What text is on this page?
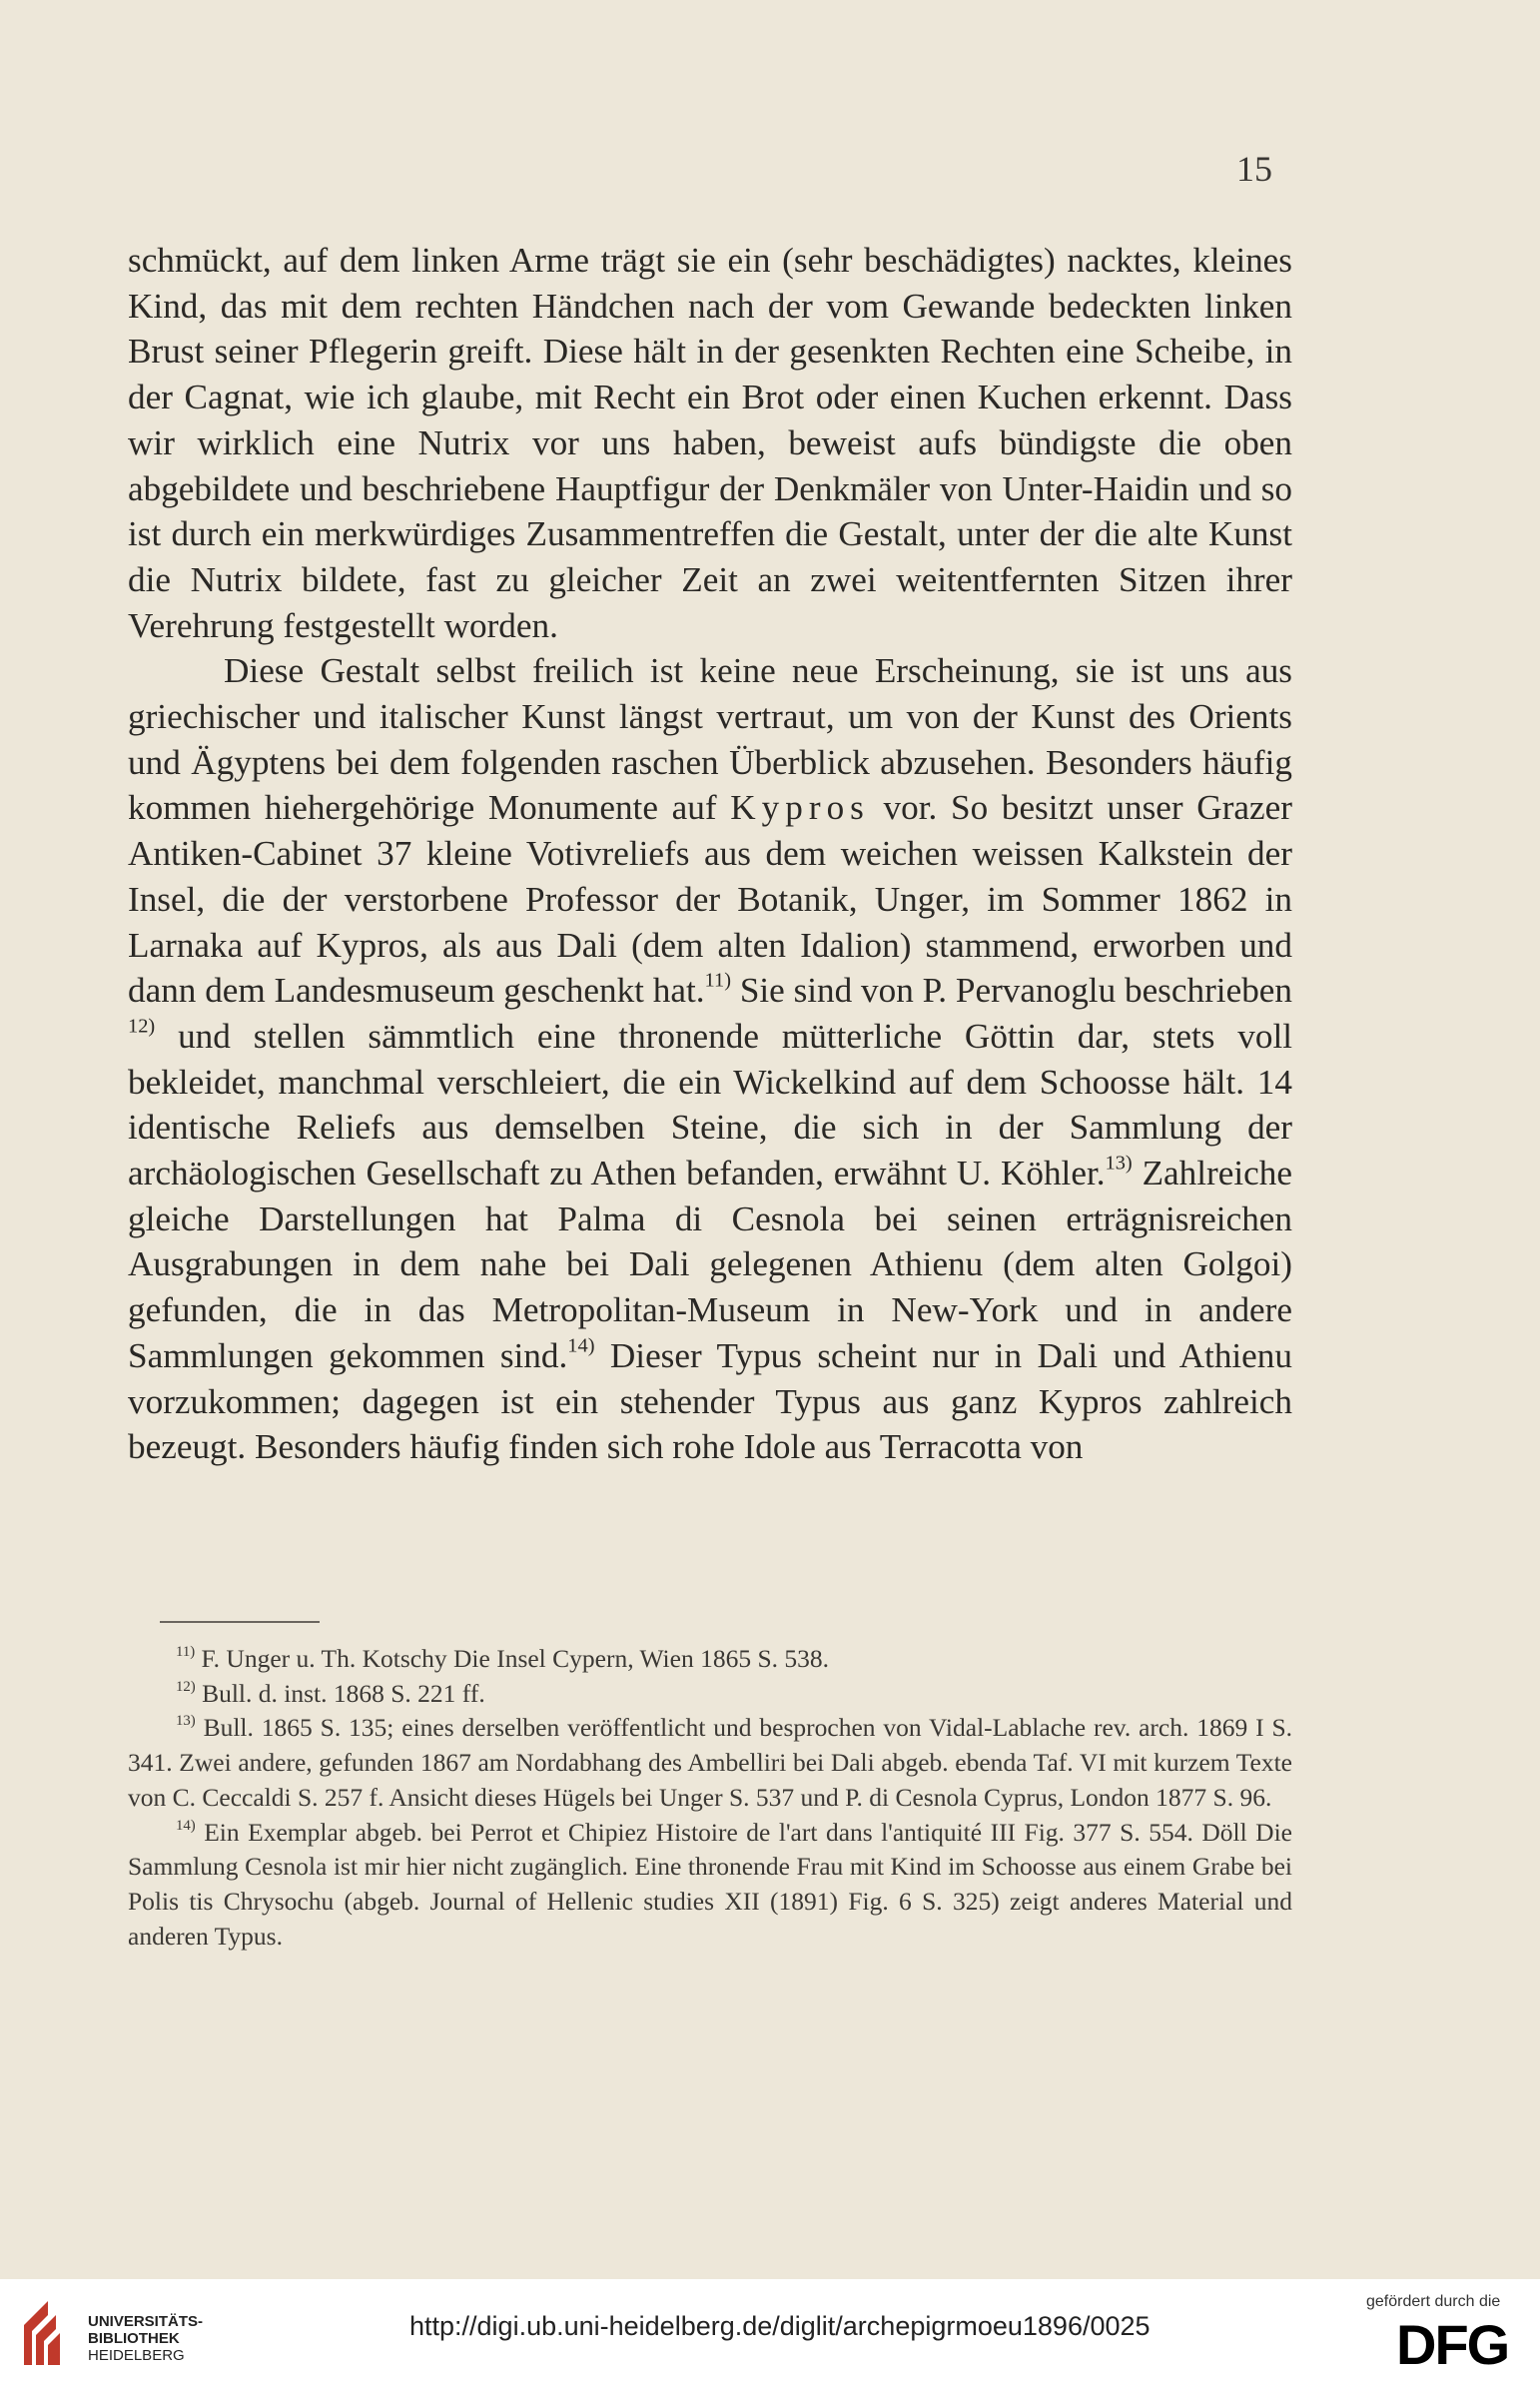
15

schmückt, auf dem linken Arme trägt sie ein (sehr beschädigtes) nacktes, kleines Kind, das mit dem rechten Händchen nach der vom Gewande bedeckten linken Brust seiner Pflegerin greift. Diese hält in der gesenkten Rechten eine Scheibe, in der Cagnat, wie ich glaube, mit Recht ein Brot oder einen Kuchen erkennt. Dass wir wirklich eine Nutrix vor uns haben, beweist aufs bündigste die oben abgebildete und beschriebene Hauptfigur der Denkmäler von Unter-Haidin und so ist durch ein merkwürdiges Zusammentreffen die Gestalt, unter der die alte Kunst die Nutrix bildete, fast zu gleicher Zeit an zwei weitentfernten Sitzen ihrer Verehrung festgestellt worden.

Diese Gestalt selbst freilich ist keine neue Erscheinung, sie ist uns aus griechischer und italischer Kunst längst vertraut, um von der Kunst des Orients und Ägyptens bei dem folgenden raschen Überblick abzusehen. Besonders häufig kommen hiehergehörige Monumente auf Kypros vor. So besitzt unser Grazer Antiken-Cabinet 37 kleine Votivreliefs aus dem weichen weissen Kalkstein der Insel, die der verstorbene Professor der Botanik, Unger, im Sommer 1862 in Larnaka auf Kypros, als aus Dali (dem alten Idalion) stammend, erworben und dann dem Landesmuseum geschenkt hat.$^{11)}$ Sie sind von P. Pervanoglu beschrieben $^{12)}$ und stellen sämmtlich eine thronende mütterliche Göttin dar, stets voll bekleidet, manchmal verschleiert, die ein Wickelkind auf dem Schoosse hält. 14 identische Reliefs aus demselben Steine, die sich in der Sammlung der archäologischen Gesellschaft zu Athen befanden, erwähnt U. Köhler.$^{13)}$ Zahlreiche gleiche Darstellungen hat Palma di Cesnola bei seinen erträgnisreichen Ausgrabungen in dem nahe bei Dali gelegenen Athienu (dem alten Golgoi) gefunden, die in das Metropolitan-Museum in New-York und in andere Sammlungen gekommen sind.$^{14)}$ Dieser Typus scheint nur in Dali und Athienu vorzukommen; dagegen ist ein stehender Typus aus ganz Kypros zahlreich bezeugt. Besonders häufig finden sich rohe Idole aus Terracotta von

$^{11)}$ F. Unger u. Th. Kotschy Die Insel Cypern, Wien 1865 S. 538.

$^{12)}$ Bull. d. inst. 1868 S. 221 ff.

$^{13)}$ Bull. 1865 S. 135; eines derselben veröffentlicht und besprochen von Vidal-Lablache rev. arch. 1869 I S. 341. Zwei andere, gefunden 1867 am Nordabhang des Ambelliri bei Dali abgeb. ebenda Taf. VI mit kurzem Texte von C. Ceccaldi S. 257 f. Ansicht dieses Hügels bei Unger S. 537 und P. di Cesnola Cyprus, London 1877 S. 96.

$^{14)}$ Ein Exemplar abgeb. bei Perrot et Chipiez Histoire de l'art dans l'antiquité III Fig. 377 S. 554. Döll Die Sammlung Cesnola ist mir hier nicht zugänglich. Eine thronende Frau mit Kind im Schoosse aus einem Grabe bei Polis tis Chrysochu (abgeb. Journal of Hellenic studies XII (1891) Fig. 6 S. 325) zeigt anderes Material und anderen Typus.

UNIVERSITÄTS-
BIBLIOTHEK
HEIDELBERG
http://digi.ub.uni-heidelberg.de/diglit/archepigrmoeu1896/0025
gefördert durch die
DFG
